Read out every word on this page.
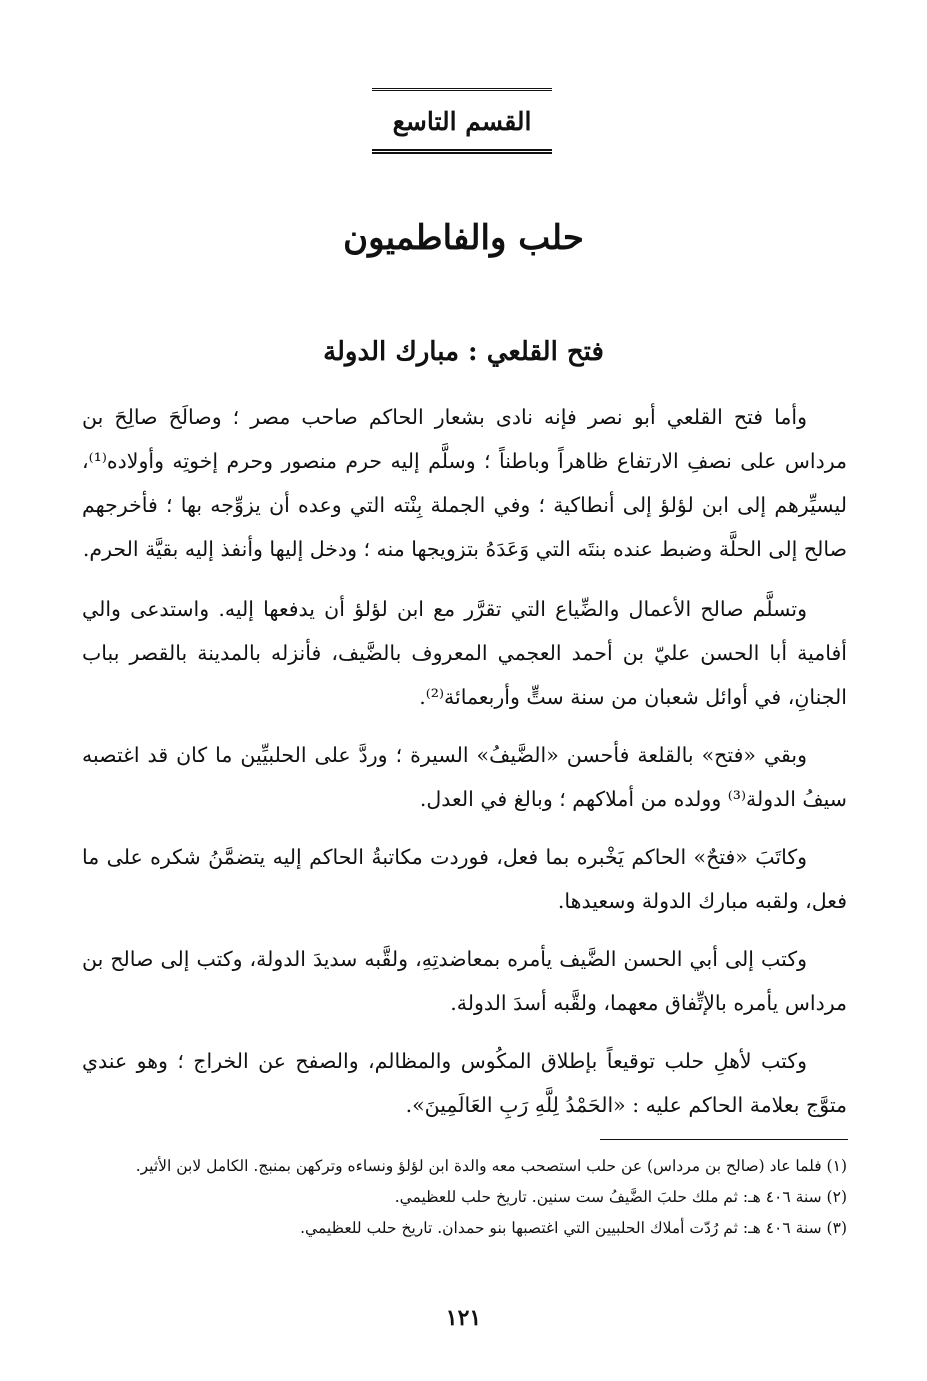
القسم التاسع
حلب والفاطميون
فتح القلعي : مبارك الدولة

وأما فتح القلعي أبو نصر فإنه نادى بشعار الحاكم صاحب مصر ؛ وصالَحَ صالِحَ بن مرداس على نصفِ الارتفاع ظاهراً وباطناً ؛ وسلَّم إليه حرم منصور وحرم إخوتِه وأولاده⁽¹⁾، ليسيِّرهم إلى ابن لؤلؤ إلى أنطاكية ؛ وفي الجملة بِنْته التي وعده أن يزوِّجه بها ؛ فأخرجهم صالح إلى الحلَّة وضبط عنده بنتَه التي وَعَدَهُ بتزويجها منه ؛ ودخل إليها وأنفذ إليه بقيَّة الحرم.

وتسلَّم صالح الأعمال والضِّياع التي تقرَّر مع ابن لؤلؤ أن يدفعها إليه. واستدعى والي أفامية أبا الحسن عليّ بن أحمد العجمي المعروف بالضَّيف، فأنزله بالمدينة بالقصر بباب الجنانِ، في أوائل شعبان من سنة ستٍّ وأربعمائة⁽²⁾.

وبقي «فتح» بالقلعة فأحسن «الضَّيفُ» السيرة ؛ وردَّ على الحلبيِّين ما كان قد اغتصبه سيفُ الدولة⁽³⁾ وولده من أملاكهم ؛ وبالغ في العدل.

وكاتَبَ «فتحٌ» الحاكم يَخْبره بما فعل، فوردت مكاتبةُ الحاكم إليه يتضمَّنُ شكره على ما فعل، ولقبه مبارك الدولة وسعيدها.

وكتب إلى أبي الحسن الضَّيف يأمره بمعاضدتِهِ، ولقَّبه سديدَ الدولة، وكتب إلى صالح بن مرداس يأمره بالإتِّفاق معهما، ولقَّبه أسدَ الدولة.

وكتب لأهلِ حلب توقيعاً بإطلاق المكُوس والمظالم، والصفح عن الخراج ؛ وهو عندي متوَّج بعلامة الحاكم عليه : «الحَمْدُ لِلَّهِ رَبِ العَالَمِينَ».

(١) فلما عاد (صالح بن مرداس) عن حلب استصحب معه والدة ابن لؤلؤ ونساءه وتركهن بمنبج. الكامل لابن الأثير.

(٢) سنة ٤٠٦ هـ: ثم ملك حلبَ الضَّيفُ ست سنين. تاريخ حلب للعظيمي.

(٣) سنة ٤٠٦ هـ: ثم رُدّت أملاك الحلبيين التي اغتصبها بنو حمدان. تاريخ حلب للعظيمي.

١٢١
